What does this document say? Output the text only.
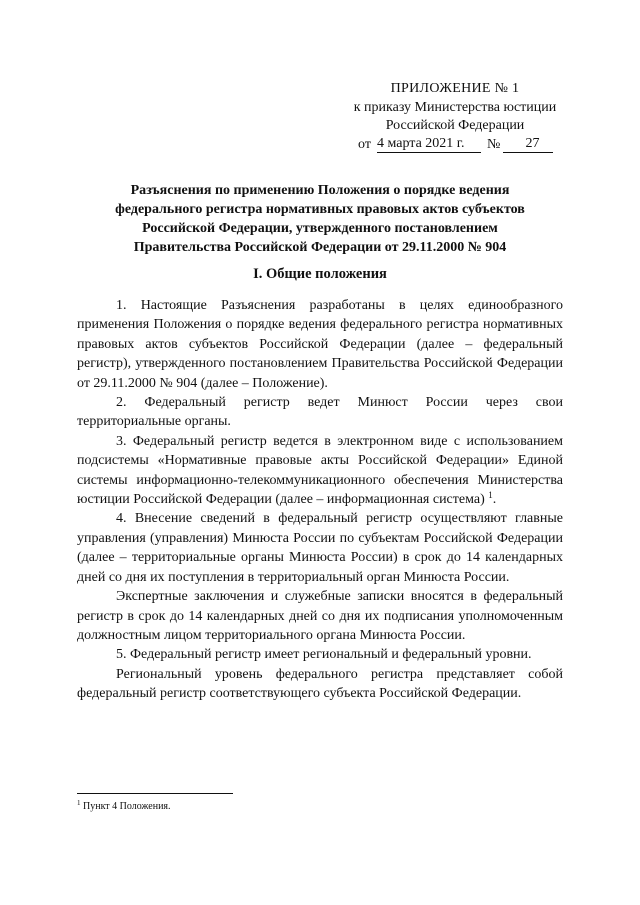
ПРИЛОЖЕНИЕ № 1
к приказу Министерства юстиции
Российской Федерации
от 4 марта 2021 г.	№	27
Разъяснения по применению Положения о порядке ведения
федерального регистра нормативных правовых актов субъектов
Российской Федерации, утвержденного постановлением
Правительства Российской Федерации от 29.11.2000 № 904
I. Общие положения

1. Настоящие Разъяснения разработаны в целях единообразного применения Положения о порядке ведения федерального регистра нормативных правовых актов субъектов Российской Федерации (далее – федеральный регистр), утвержденного постановлением Правительства Российской Федерации от 29.11.2000 № 904 (далее – Положение).

2. Федеральный регистр ведет Минюст России через свои территориальные органы.

3. Федеральный регистр ведется в электронном виде с использованием подсистемы «Нормативные правовые акты Российской Федерации» Единой системы информационно-телекоммуникационного обеспечения Министерства юстиции Российской Федерации (далее – информационная система) $^1$.

4. Внесение сведений в федеральный регистр осуществляют главные управления (управления) Минюста России по субъектам Российской Федерации (далее – территориальные органы Минюста России) в срок до 14 календарных дней со дня их поступления в территориальный орган Минюста России.

Экспертные заключения и служебные записки вносятся в федеральный регистр в срок до 14 календарных дней со дня их подписания уполномоченным должностным лицом территориального органа Минюста России.

5. Федеральный регистр имеет региональный и федеральный уровни.

Региональный уровень федерального регистра представляет собой федеральный регистр соответствующего субъекта Российской Федерации.

$^1$ Пункт 4 Положения.
